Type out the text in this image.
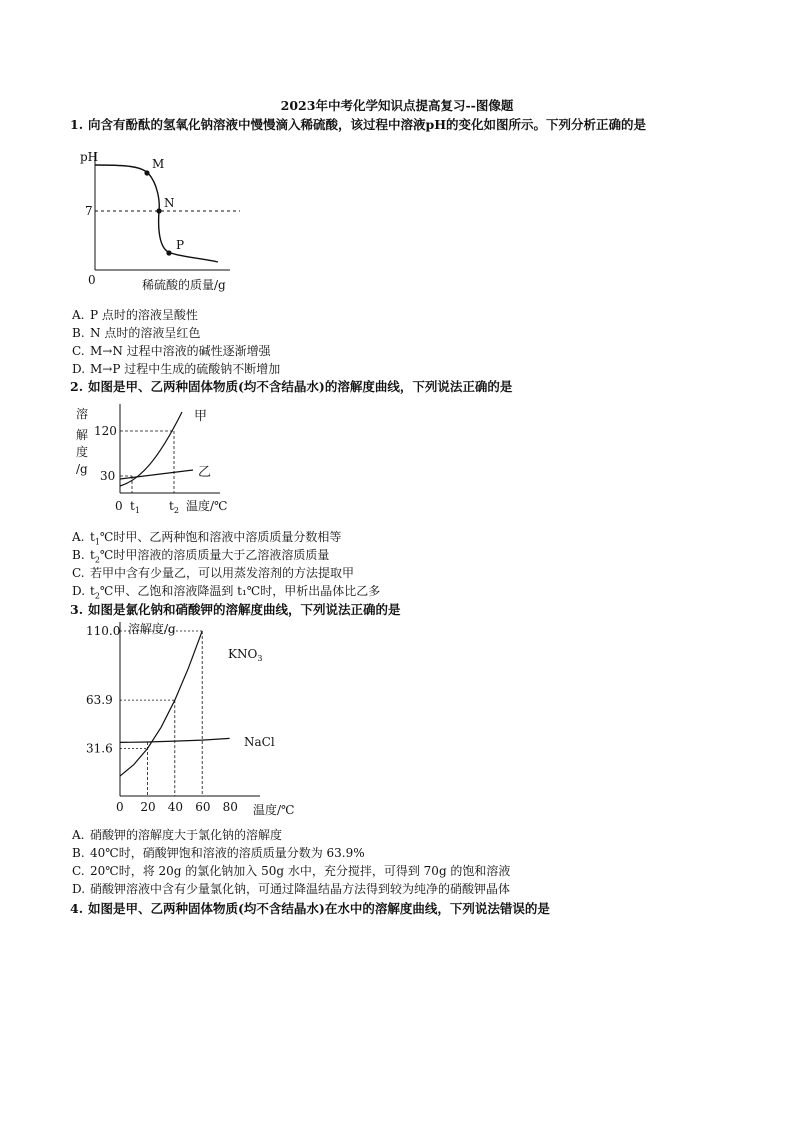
2023年中考化学知识点提高复习--图像题
1. 向含有酚酞的氢氧化钠溶液中慢慢滴入稀硫酸，该过程中溶液pH的变化如图所示。下列分析正确的是
pH
7
0	稀硫酸的质量/g
M
N
P
A. P 点时的溶液呈酸性
B. N 点时的溶液呈红色
C. M→N 过程中溶液的碱性逐渐增强
D. M→P 过程中生成的硫酸钠不断增加
2. 如图是甲、乙两种固体物质(均不含结晶水)的溶解度曲线，下列说法正确的是
溶
解
度
/g
120
30
0 $t_1$ $t_2$ 温度/℃
甲
乙
A. $t_1℃$时甲、乙两种饱和溶液中溶质质量分数相等
B. $t_2℃$时甲溶液的溶质质量大于乙溶液溶质质量
C. 若甲中含有少量乙，可以用蒸发溶剂的方法提取甲
D. $t_2℃$甲、乙饱和溶液降温到 t₁℃时，甲析出晶体比乙多
3. 如图是氯化钠和硝酸钾的溶解度曲线，下列说法正确的是
溶解度/g
温度/℃
0 20 40 60 80
31.6
63.9
110.0
$KNO_3$
NaCl
A. 硝酸钾的溶解度大于氯化钠的溶解度
B. 40℃时，硝酸钾饱和溶液的溶质质量分数为 63.9%
C. 20℃时，将 20g 的氯化钠加入 50g 水中，充分搅拌，可得到 70g 的饱和溶液
D. 硝酸钾溶液中含有少量氯化钠，可通过降温结晶方法得到较为纯净的硝酸钾晶体
4. 如图是甲、乙两种固体物质(均不含结晶水)在水中的溶解度曲线，下列说法错误的是
